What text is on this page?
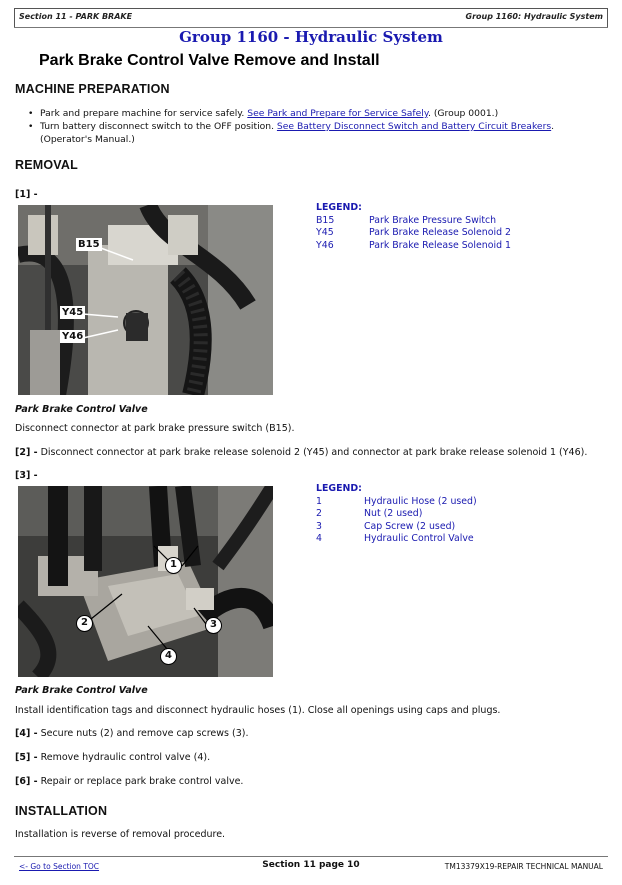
Section 11 - PARK BRAKE	Group 1160: Hydraulic System
Group 1160 - Hydraulic System
Park Brake Control Valve Remove and Install
MACHINE PREPARATION
• Park and prepare machine for service safely. See Park and Prepare for Service Safely. (Group 0001.)
• Turn battery disconnect switch to the OFF position. See Battery Disconnect Switch and Battery Circuit Breakers.
(Operator's Manual.)
REMOVAL
[1] -
B15
Y45
Y46
LEGEND:
B15	Park Brake Pressure Switch
Y45	Park Brake Release Solenoid 2
Y46	Park Brake Release Solenoid 1
Park Brake Control Valve
Disconnect connector at park brake pressure switch (B15).
[2] - Disconnect connector at park brake release solenoid 2 (Y45) and connector at park brake release solenoid 1 (Y46).
[3] -
1
2	3
4
LEGEND:
1	Hydraulic Hose (2 used)
2	Nut (2 used)
3	Cap Screw (2 used)
4	Hydraulic Control Valve
Park Brake Control Valve
Install identification tags and disconnect hydraulic hoses (1). Close all openings using caps and plugs.
[4] - Secure nuts (2) and remove cap screws (3).
[5] - Remove hydraulic control valve (4).
[6] - Repair or replace park brake control valve.
INSTALLATION
Installation is reverse of removal procedure.
<- Go to Section TOC	Section 11 page 10	TM13379X19-REPAIR TECHNICAL MANUAL
